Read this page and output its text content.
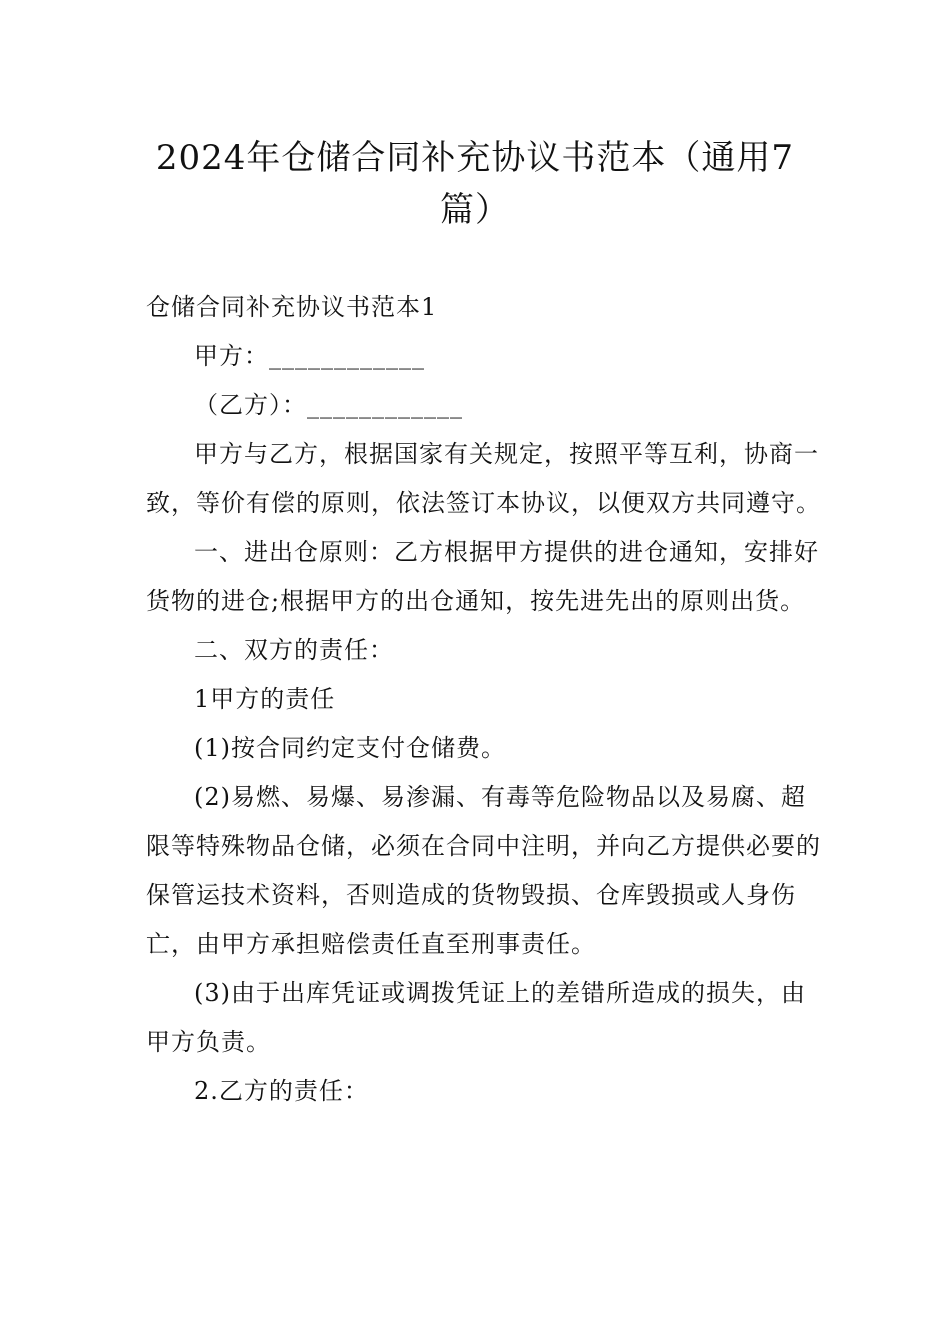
2024年仓储合同补充协议书范本（通用7
篇）

仓储合同补充协议书范本1

甲方：____________

（乙方）：____________

甲方与乙方，根据国家有关规定，按照平等互利，协商一致，等价有偿的原则，依法签订本协议，以便双方共同遵守。

一、进出仓原则：乙方根据甲方提供的进仓通知，安排好货物的进仓;根据甲方的出仓通知，按先进先出的原则出货。

二、双方的责任：

1甲方的责任

(1)按合同约定支付仓储费。

(2)易燃、易爆、易渗漏、有毒等危险物品以及易腐、超限等特殊物品仓储，必须在合同中注明，并向乙方提供必要的保管运技术资料，否则造成的货物毁损、仓库毁损或人身伤亡，由甲方承担赔偿责任直至刑事责任。

(3)由于出库凭证或调拨凭证上的差错所造成的损失，由甲方负责。

2.乙方的责任：
